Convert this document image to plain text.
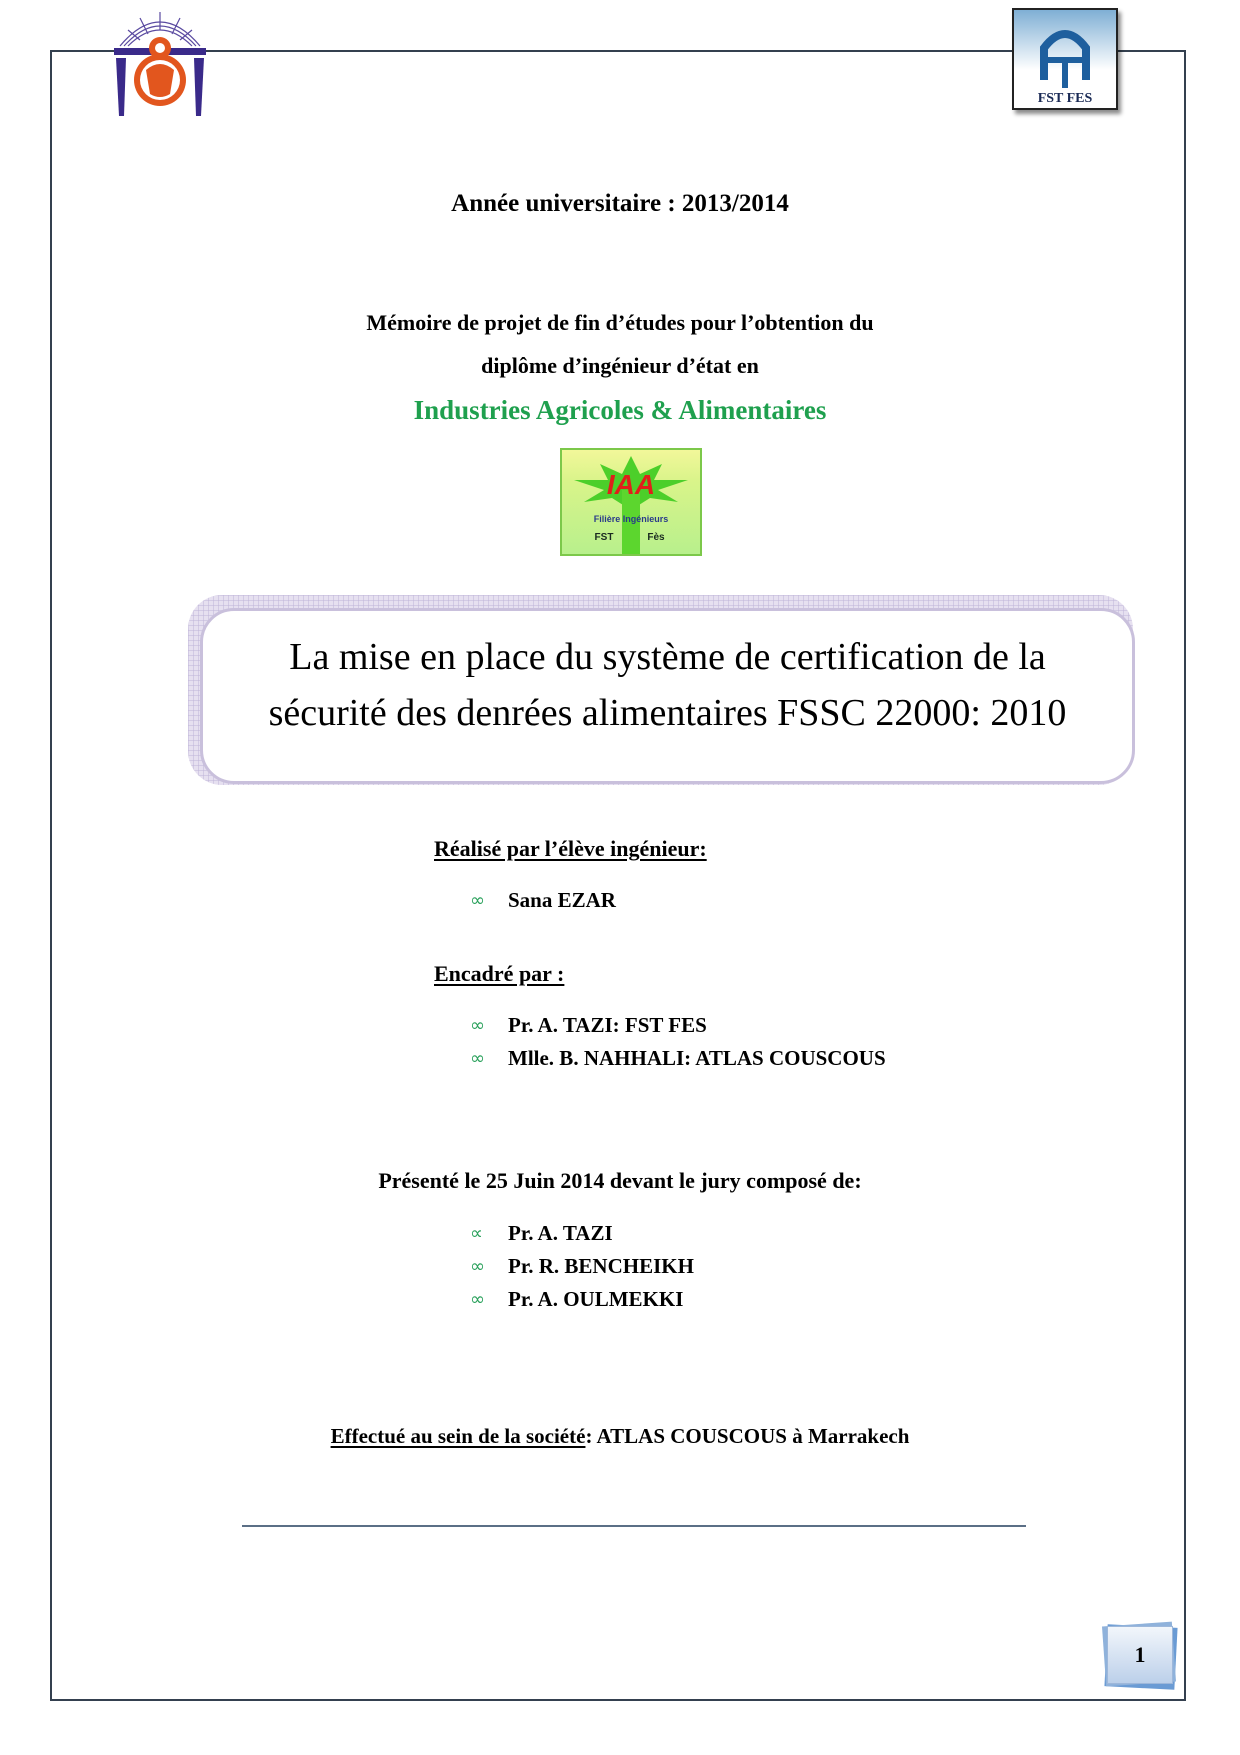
FST FES
Année universitaire : 2013/2014
Mémoire de projet de fin d’études pour l’obtention du
diplôme d’ingénieur d’état en
Industries Agricoles & Alimentaires
IAA
Filière Ingénieurs
FST	Fès
La mise en place du système de certification de la
sécurité des denrées alimentaires FSSC 22000: 2010
Réalisé par l’élève ingénieur:
∞	Sana EZAR
Encadré par :
∞	Pr. A. TAZI: FST FES
∞	Mlle. B. NAHHALI: ATLAS COUSCOUS
Présenté le 25 Juin 2014 devant le jury composé de:
∝	Pr. A. TAZI
∞	Pr. R. BENCHEIKH
∞	Pr. A. OULMEKKI
Effectué au sein de la société: ATLAS COUSCOUS à Marrakech
1
